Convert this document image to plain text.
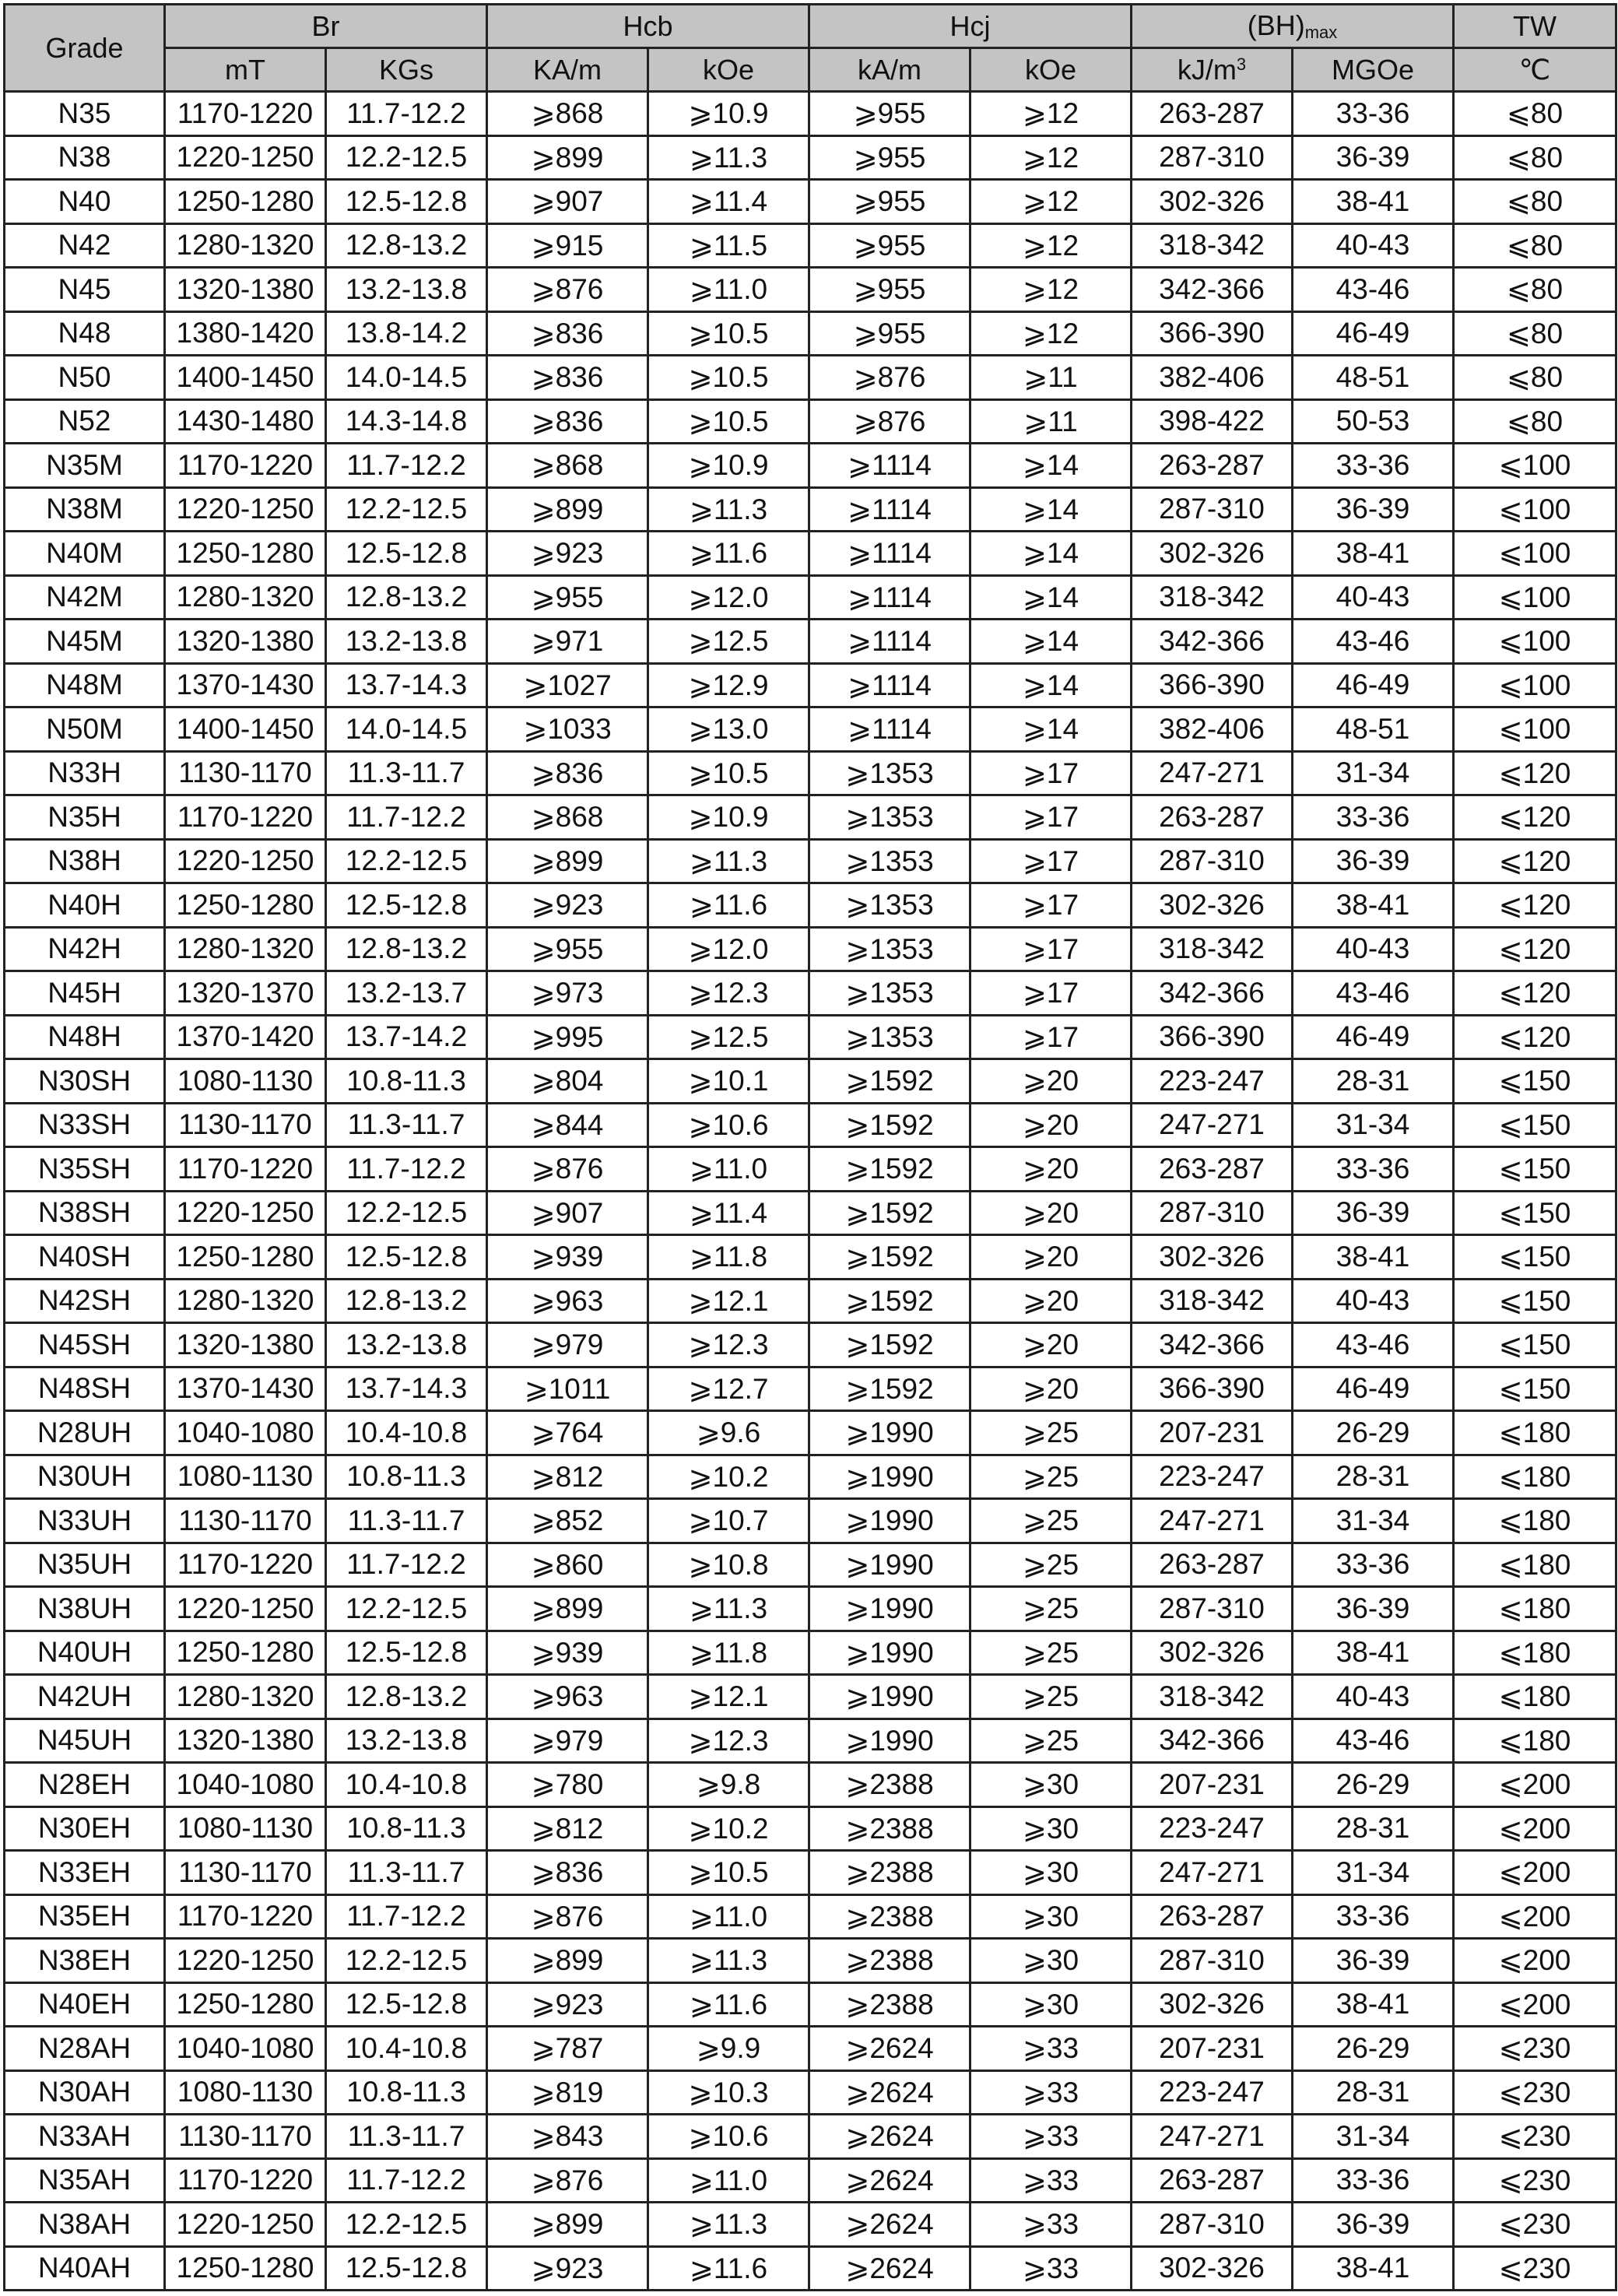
Grade	Br		Hcb		Hcj		$(BH)_{max}$		TW
	mT	KGs	KA/m	kOe	kA/m	kOe	$kJ/m^3$	MGOe	℃
N35	1170-1220	11.7-12.2	⩾868	⩾10.9	⩾955	⩾12	263-287	33-36	⩽80
N38	1220-1250	12.2-12.5	⩾899	⩾11.3	⩾955	⩾12	287-310	36-39	⩽80
N40	1250-1280	12.5-12.8	⩾907	⩾11.4	⩾955	⩾12	302-326	38-41	⩽80
N42	1280-1320	12.8-13.2	⩾915	⩾11.5	⩾955	⩾12	318-342	40-43	⩽80
N45	1320-1380	13.2-13.8	⩾876	⩾11.0	⩾955	⩾12	342-366	43-46	⩽80
N48	1380-1420	13.8-14.2	⩾836	⩾10.5	⩾955	⩾12	366-390	46-49	⩽80
N50	1400-1450	14.0-14.5	⩾836	⩾10.5	⩾876	⩾11	382-406	48-51	⩽80
N52	1430-1480	14.3-14.8	⩾836	⩾10.5	⩾876	⩾11	398-422	50-53	⩽80
N35M	1170-1220	11.7-12.2	⩾868	⩾10.9	⩾1114	⩾14	263-287	33-36	⩽100
N38M	1220-1250	12.2-12.5	⩾899	⩾11.3	⩾1114	⩾14	287-310	36-39	⩽100
N40M	1250-1280	12.5-12.8	⩾923	⩾11.6	⩾1114	⩾14	302-326	38-41	⩽100
N42M	1280-1320	12.8-13.2	⩾955	⩾12.0	⩾1114	⩾14	318-342	40-43	⩽100
N45M	1320-1380	13.2-13.8	⩾971	⩾12.5	⩾1114	⩾14	342-366	43-46	⩽100
N48M	1370-1430	13.7-14.3	⩾1027	⩾12.9	⩾1114	⩾14	366-390	46-49	⩽100
N50M	1400-1450	14.0-14.5	⩾1033	⩾13.0	⩾1114	⩾14	382-406	48-51	⩽100
N33H	1130-1170	11.3-11.7	⩾836	⩾10.5	⩾1353	⩾17	247-271	31-34	⩽120
N35H	1170-1220	11.7-12.2	⩾868	⩾10.9	⩾1353	⩾17	263-287	33-36	⩽120
N38H	1220-1250	12.2-12.5	⩾899	⩾11.3	⩾1353	⩾17	287-310	36-39	⩽120
N40H	1250-1280	12.5-12.8	⩾923	⩾11.6	⩾1353	⩾17	302-326	38-41	⩽120
N42H	1280-1320	12.8-13.2	⩾955	⩾12.0	⩾1353	⩾17	318-342	40-43	⩽120
N45H	1320-1370	13.2-13.7	⩾973	⩾12.3	⩾1353	⩾17	342-366	43-46	⩽120
N48H	1370-1420	13.7-14.2	⩾995	⩾12.5	⩾1353	⩾17	366-390	46-49	⩽120
N30SH	1080-1130	10.8-11.3	⩾804	⩾10.1	⩾1592	⩾20	223-247	28-31	⩽150
N33SH	1130-1170	11.3-11.7	⩾844	⩾10.6	⩾1592	⩾20	247-271	31-34	⩽150
N35SH	1170-1220	11.7-12.2	⩾876	⩾11.0	⩾1592	⩾20	263-287	33-36	⩽150
N38SH	1220-1250	12.2-12.5	⩾907	⩾11.4	⩾1592	⩾20	287-310	36-39	⩽150
N40SH	1250-1280	12.5-12.8	⩾939	⩾11.8	⩾1592	⩾20	302-326	38-41	⩽150
N42SH	1280-1320	12.8-13.2	⩾963	⩾12.1	⩾1592	⩾20	318-342	40-43	⩽150
N45SH	1320-1380	13.2-13.8	⩾979	⩾12.3	⩾1592	⩾20	342-366	43-46	⩽150
N48SH	1370-1430	13.7-14.3	⩾1011	⩾12.7	⩾1592	⩾20	366-390	46-49	⩽150
N28UH	1040-1080	10.4-10.8	⩾764	⩾9.6	⩾1990	⩾25	207-231	26-29	⩽180
N30UH	1080-1130	10.8-11.3	⩾812	⩾10.2	⩾1990	⩾25	223-247	28-31	⩽180
N33UH	1130-1170	11.3-11.7	⩾852	⩾10.7	⩾1990	⩾25	247-271	31-34	⩽180
N35UH	1170-1220	11.7-12.2	⩾860	⩾10.8	⩾1990	⩾25	263-287	33-36	⩽180
N38UH	1220-1250	12.2-12.5	⩾899	⩾11.3	⩾1990	⩾25	287-310	36-39	⩽180
N40UH	1250-1280	12.5-12.8	⩾939	⩾11.8	⩾1990	⩾25	302-326	38-41	⩽180
N42UH	1280-1320	12.8-13.2	⩾963	⩾12.1	⩾1990	⩾25	318-342	40-43	⩽180
N45UH	1320-1380	13.2-13.8	⩾979	⩾12.3	⩾1990	⩾25	342-366	43-46	⩽180
N28EH	1040-1080	10.4-10.8	⩾780	⩾9.8	⩾2388	⩾30	207-231	26-29	⩽200
N30EH	1080-1130	10.8-11.3	⩾812	⩾10.2	⩾2388	⩾30	223-247	28-31	⩽200
N33EH	1130-1170	11.3-11.7	⩾836	⩾10.5	⩾2388	⩾30	247-271	31-34	⩽200
N35EH	1170-1220	11.7-12.2	⩾876	⩾11.0	⩾2388	⩾30	263-287	33-36	⩽200
N38EH	1220-1250	12.2-12.5	⩾899	⩾11.3	⩾2388	⩾30	287-310	36-39	⩽200
N40EH	1250-1280	12.5-12.8	⩾923	⩾11.6	⩾2388	⩾30	302-326	38-41	⩽200
N28AH	1040-1080	10.4-10.8	⩾787	⩾9.9	⩾2624	⩾33	207-231	26-29	⩽230
N30AH	1080-1130	10.8-11.3	⩾819	⩾10.3	⩾2624	⩾33	223-247	28-31	⩽230
N33AH	1130-1170	11.3-11.7	⩾843	⩾10.6	⩾2624	⩾33	247-271	31-34	⩽230
N35AH	1170-1220	11.7-12.2	⩾876	⩾11.0	⩾2624	⩾33	263-287	33-36	⩽230
N38AH	1220-1250	12.2-12.5	⩾899	⩾11.3	⩾2624	⩾33	287-310	36-39	⩽230
N40AH	1250-1280	12.5-12.8	⩾923	⩾11.6	⩾2624	⩾33	302-326	38-41	⩽230
